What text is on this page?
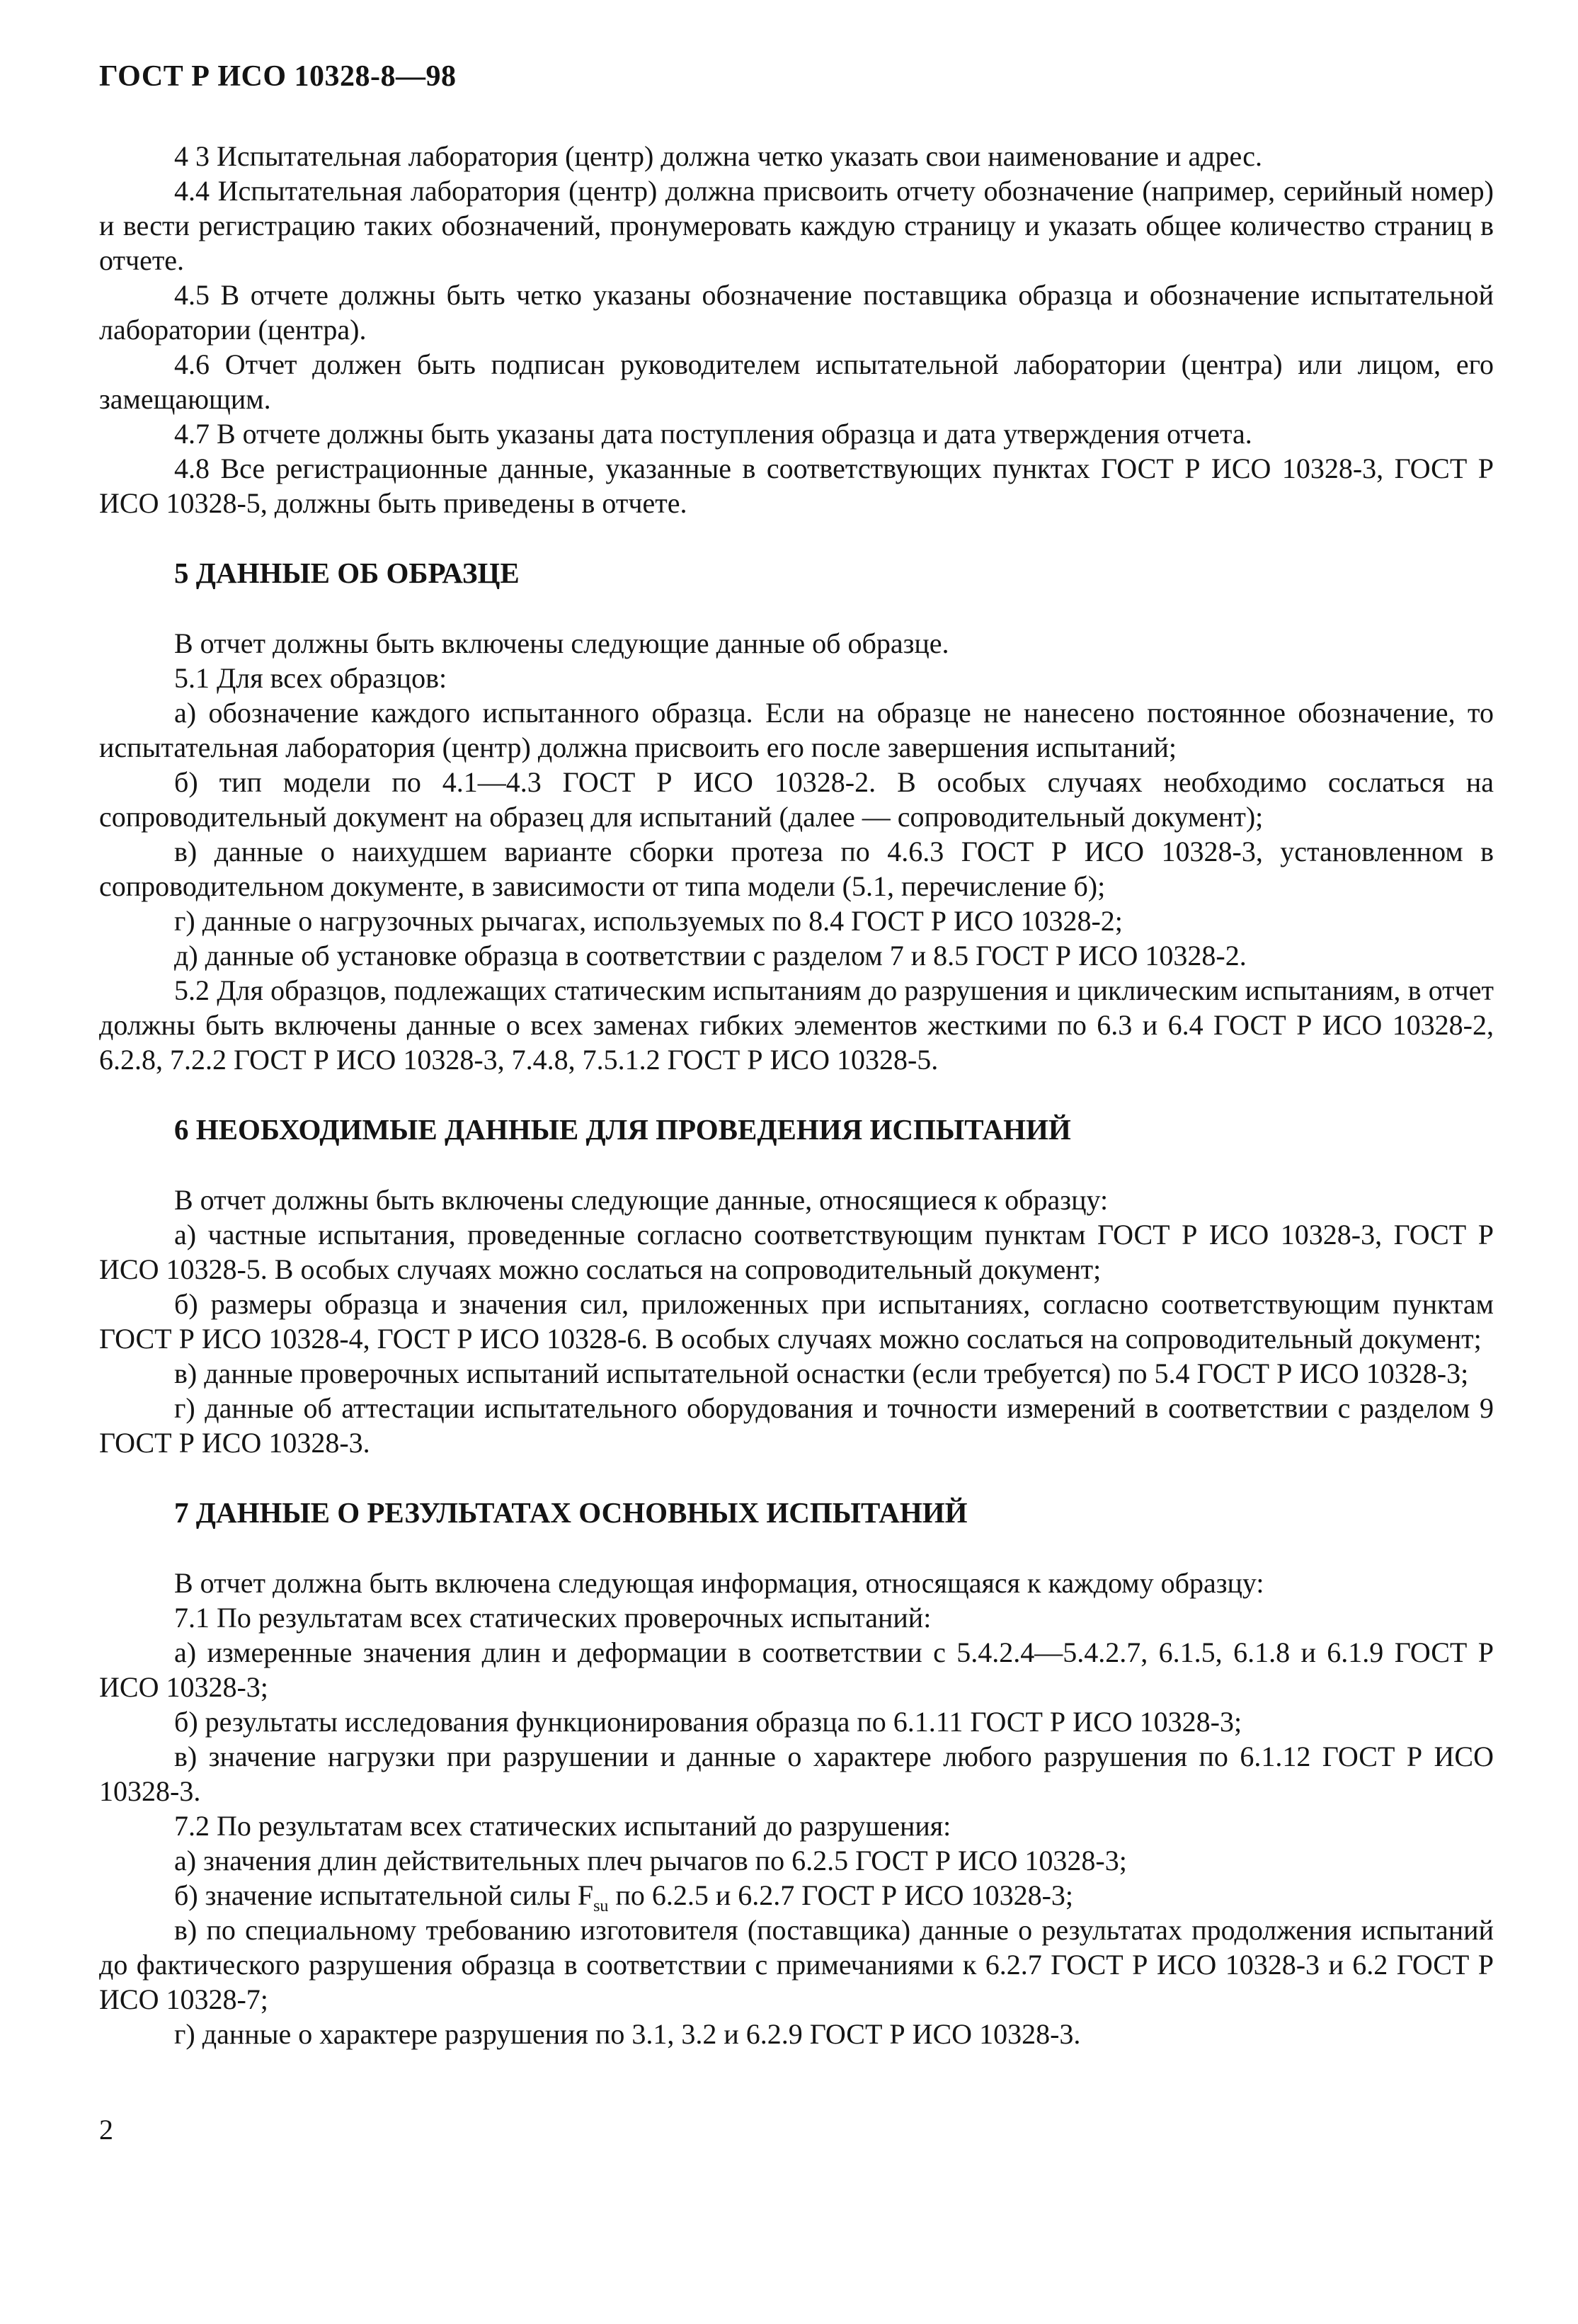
ГОСТ Р ИСО 10328-8—98

4 3 Испытательная лаборатория (центр) должна четко указать свои наименование и адрес.

4.4 Испытательная лаборатория (центр) должна присвоить отчету обозначение (например, серийный номер) и вести регистрацию таких обозначений, пронумеровать каждую страницу и указать общее количество страниц в отчете.

4.5 В отчете должны быть четко указаны обозначение поставщика образца и обозначение испытательной лаборатории (центра).

4.6 Отчет должен быть подписан руководителем испытательной лаборатории (центра) или лицом, его замещающим.

4.7 В отчете должны быть указаны дата поступления образца и дата утверждения отчета.

4.8 Все регистрационные данные, указанные в соответствующих пунктах ГОСТ Р ИСО 10328-3, ГОСТ Р ИСО 10328-5, должны быть приведены в отчете.

5 ДАННЫЕ ОБ ОБРАЗЦЕ

В отчет должны быть включены следующие данные об образце.

5.1 Для всех образцов:

а) обозначение каждого испытанного образца. Если на образце не нанесено постоянное обозначение, то испытательная лаборатория (центр) должна присвоить его после завершения испытаний;

б) тип модели по 4.1—4.3 ГОСТ Р ИСО 10328-2. В особых случаях необходимо сослаться на сопроводительный документ на образец для испытаний (далее — сопроводительный документ);

в) данные о наихудшем варианте сборки протеза по 4.6.3 ГОСТ Р ИСО 10328-3, установленном в сопроводительном документе, в зависимости от типа модели (5.1, перечисление б);

г) данные о нагрузочных рычагах, используемых по 8.4 ГОСТ Р ИСО 10328-2;

д) данные об установке образца в соответствии с разделом 7 и 8.5 ГОСТ Р ИСО 10328-2.

5.2 Для образцов, подлежащих статическим испытаниям до разрушения и циклическим испытаниям, в отчет должны быть включены данные о всех заменах гибких элементов жесткими по 6.3 и 6.4 ГОСТ Р ИСО 10328-2, 6.2.8, 7.2.2 ГОСТ Р ИСО 10328-3, 7.4.8, 7.5.1.2 ГОСТ Р ИСО 10328-5.

6 НЕОБХОДИМЫЕ ДАННЫЕ ДЛЯ ПРОВЕДЕНИЯ ИСПЫТАНИЙ

В отчет должны быть включены следующие данные, относящиеся к образцу:

а) частные испытания, проведенные согласно соответствующим пунктам ГОСТ Р ИСО 10328-3, ГОСТ Р ИСО 10328-5. В особых случаях можно сослаться на сопроводительный документ;

б) размеры образца и значения сил, приложенных при испытаниях, согласно соответствующим пунктам ГОСТ Р ИСО 10328-4, ГОСТ Р ИСО 10328-6. В особых случаях можно сослаться на сопроводительный документ;

в) данные проверочных испытаний испытательной оснастки (если требуется) по 5.4 ГОСТ Р ИСО 10328-3;

г) данные об аттестации испытательного оборудования и точности измерений в соответствии с разделом 9 ГОСТ Р ИСО 10328-3.

7 ДАННЫЕ О РЕЗУЛЬТАТАХ ОСНОВНЫХ ИСПЫТАНИЙ

В отчет должна быть включена следующая информация, относящаяся к каждому образцу:

7.1 По результатам всех статических проверочных испытаний:

а) измеренные значения длин и деформации в соответствии с 5.4.2.4—5.4.2.7, 6.1.5, 6.1.8 и 6.1.9 ГОСТ Р ИСО 10328-3;

б) результаты исследования функционирования образца по 6.1.11 ГОСТ Р ИСО 10328-3;

в) значение нагрузки при разрушении и данные о характере любого разрушения по 6.1.12 ГОСТ Р ИСО 10328-3.

7.2 По результатам всех статических испытаний до разрушения:

а) значения длин действительных плеч рычагов по 6.2.5 ГОСТ Р ИСО 10328-3;

б) значение испытательной силы $F_{su}$ по 6.2.5 и 6.2.7 ГОСТ Р ИСО 10328-3;

в) по специальному требованию изготовителя (поставщика) данные о результатах продолжения испытаний до фактического разрушения образца в соответствии с примечаниями к 6.2.7 ГОСТ Р ИСО 10328-3 и 6.2 ГОСТ Р ИСО 10328-7;

г) данные о характере разрушения по 3.1, 3.2 и 6.2.9 ГОСТ Р ИСО 10328-3.

2
